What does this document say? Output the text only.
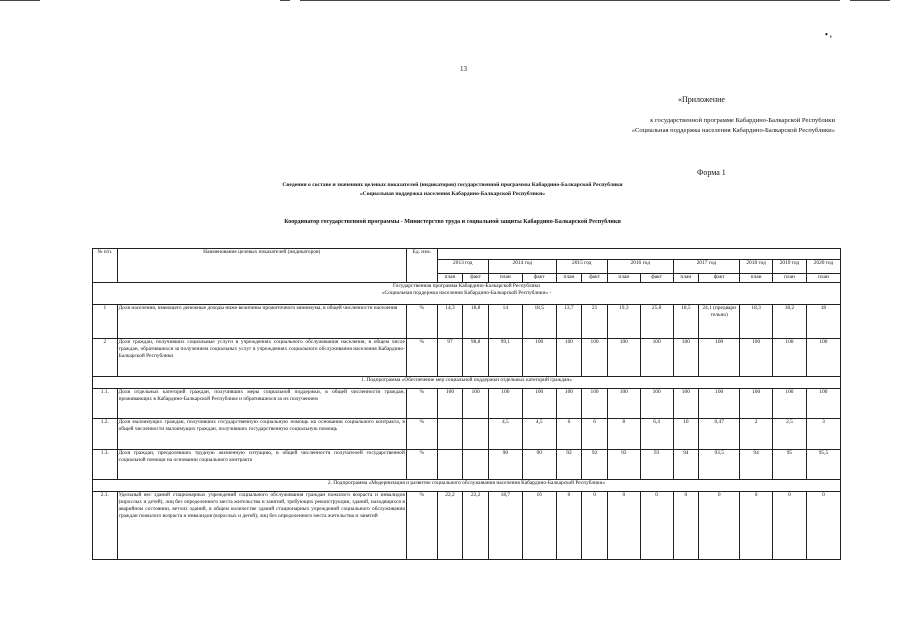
• ,
13
«Приложение
к государственной программе Кабардино-Балкарской Республики
«Социальная поддержка населения Кабардино-Балкарской Республики»
Форма 1
Сведения о составе и значениях целевых показателей (индикаторов) государственной программы Кабардино-Балкарской Республики
«Социальная поддержка населения Кабардино-Балкарской Республики»
Координатор государственной программы - Министерство труда и социальной защиты Кабардино-Балкарской Республики
№ п/п.	Наименование целевых показателей (индикаторов)	Ед. изм.													
			2013 год		2014 год		2015 год		2016 год		2017 год		2018 год	2019 год	2020 год
			план	факт	план	факт	план	факт	план	факт	план	факт	план	план	план

Государственная программа Кабардино-Балкарской Республики
«Социальная поддержка населения Кабардино-Балкарской Республики» -															

1	Доля населения, имеющего денежные доходы ниже величины прожиточного минимума, в общей численности населения	%	14,3	18,8	14	18,5	13,7	21	19,3	25,8	18,5	24,1 (предвари тельно)	18,3	18,2	18
2	Доля граждан, получивших социальные услуги в учреждениях социального обслуживания населения, в общем числе граждан, обратившихся за получением социальных услуг в учреждениях социального обслуживания населения Кабардино-Балкарской Республики	%	97	98,8	99,1	100	100	100	100	100	100	100	100	100	100
1. Подпрограмма «Обеспечение мер социальной поддержки отдельных категорий граждан»															
1.1.	Доля отдельных категорий граждан, получивших меры социальной поддержки, в общей численности граждан, проживающих в Кабардино-Балкарской Республике и обратившихся за их получением	%	100	100	100	100	100	100	100	100	100	100	100	100	100
1.2.	Доля малоимущих граждан, получивших государственную социальную помощь на основании социального контракта, в общей численности малоимущих граждан, получивших государственную социальную помощь	%			4,5	4,5	6	6	8	6,4	10	0,47	2	2,5	3
1.3.	Доля граждан, преодолевших трудную жизненную ситуацию, в общей численности получателей государственной социальной помощи на основании социального контракта	%			90	90	92	92	93	93	94	93,5	94	95	95,5
2. Подпрограмма «Модернизация и развитие социального обслуживания населения Кабардино-Балкарской Республики»															
2.1.	Удельный вес зданий стационарных учреждений социального обслуживания граждан пожилого возраста и инвалидов (взрослых и детей), лиц без определенного места жительства и занятий, требующих реконструкции, зданий, находящихся в аварийном состоянии, ветхих зданий, в общем количестве зданий стационарных учреждений социального обслуживания граждан пожилого возраста и инвалидов (взрослых и детей), лиц без определенного места жительства и занятий	%	22,2	22,2	18,7	16	0	0	0	0	0	0	0	0	0
